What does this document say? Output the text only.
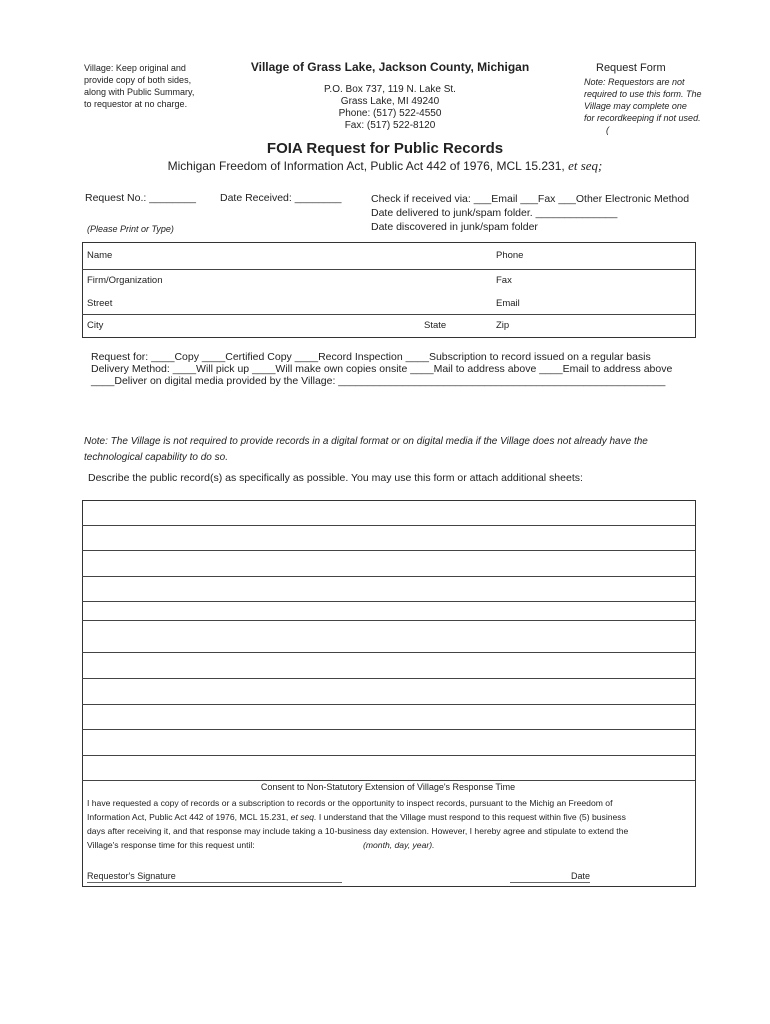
Village: Keep original and
provide copy of both sides,
along with Public Summary,
to requestor at no charge.
Village of Grass Lake, Jackson County, Michigan
P.O. Box 737, 119 N. Lake St.
Grass Lake, MI 49240
Phone: (517) 522-4550
Fax: (517) 522-8120
Request Form
Note: Requestors are not
required to use this form. The
Village may complete one
for recordkeeping if not used.
(
FOIA Request for Public Records
Michigan Freedom of Information Act, Public Act 442 of 1976, MCL 15.231, et seq;
Request No.: ________ Date Received: ________	Check if received via: ___Email ___Fax ___Other Electronic Method
Date delivered to junk/spam folder. ______________
Date discovered in junk/spam folder
(Please Print or Type)
Name	Phone
Firm/Organization	Fax
Street	Email
City	State	Zip
Request for: ____Copy ____Certified Copy ____Record Inspection ____Subscription to record issued on a regular basis
Delivery Method: ____Will pick up ____Will make own copies onsite ____Mail to address above ____Email to address above
____Deliver on digital media provided by the Village: ________________________________________________________
Note: The Village is not required to provide records in a digital format or on digital media if the Village does not already have the
technological capability to do so.
Describe the public record(s) as specifically as possible. You may use this form or attach additional sheets:
Consent to Non-Statutory Extension of Village's Response Time
I have requested a copy of records or a subscription to records or the opportunity to inspect records, pursuant to the Michig an Freedom of
Information Act, Public Act 442 of 1976, MCL 15.231, et seq. I understand that the Village must respond to this request within five (5) business
days after receiving it, and that response may include taking a 10-business day extension. However, I hereby agree and stipulate to extend the
Village's response time for this request until:	(month, day, year).
Requestor's Signature	Date
